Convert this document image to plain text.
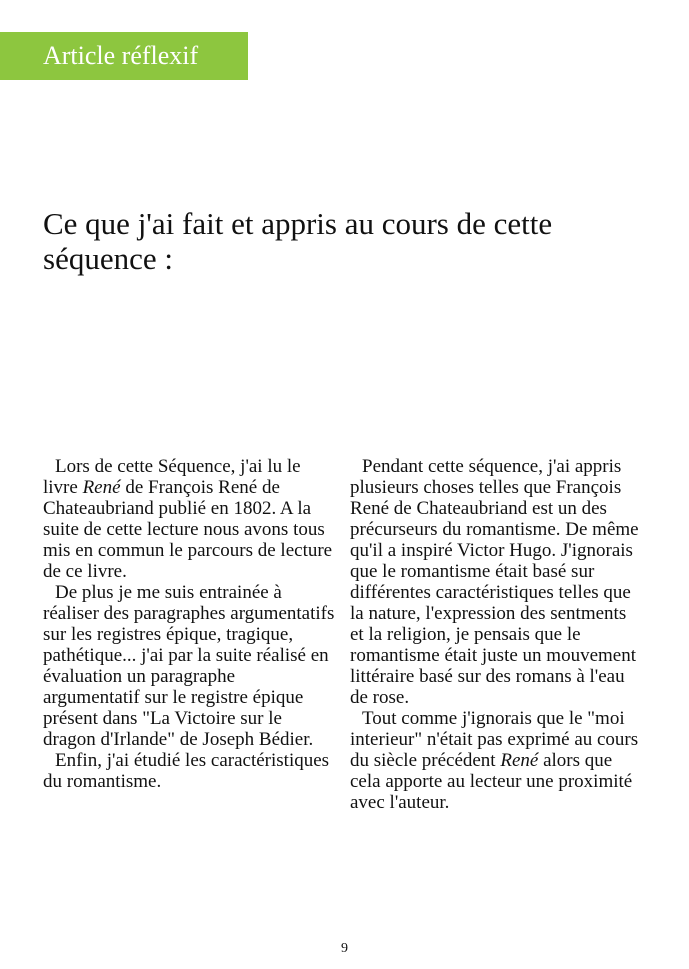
Article réflexif
Ce que j'ai fait et appris au cours de cette séquence :

Lors de cette Séquence, j'ai lu le livre René de François René de Chateaubriand publié en 1802. A la suite de cette lecture nous avons tous mis en commun le parcours de lecture de ce livre.

De plus je me suis entrainée à réaliser des paragraphes argumentatifs sur les registres épique, tragique, pathétique... j'ai par la suite réalisé en évaluation un paragraphe argumentatif sur le registre épique présent dans "La Victoire sur le dragon d'Irlande" de Joseph Bédier.

Enfin, j'ai étudié les caractéristiques du romantisme.

Pendant cette séquence, j'ai appris plusieurs choses telles que François René de Chateaubriand est un des précurseurs du romantisme. De même qu'il a inspiré Victor Hugo. J'ignorais que le romantisme était basé sur différentes caractéristiques telles que la nature, l'expression des sentments et la religion, je pensais que le romantisme était juste un mouvement littéraire basé sur des romans à l'eau de rose.

Tout comme j'ignorais que le "moi interieur" n'était pas exprimé au cours du siècle précédent René alors que cela apporte au lecteur une proximité avec l'auteur.

9
